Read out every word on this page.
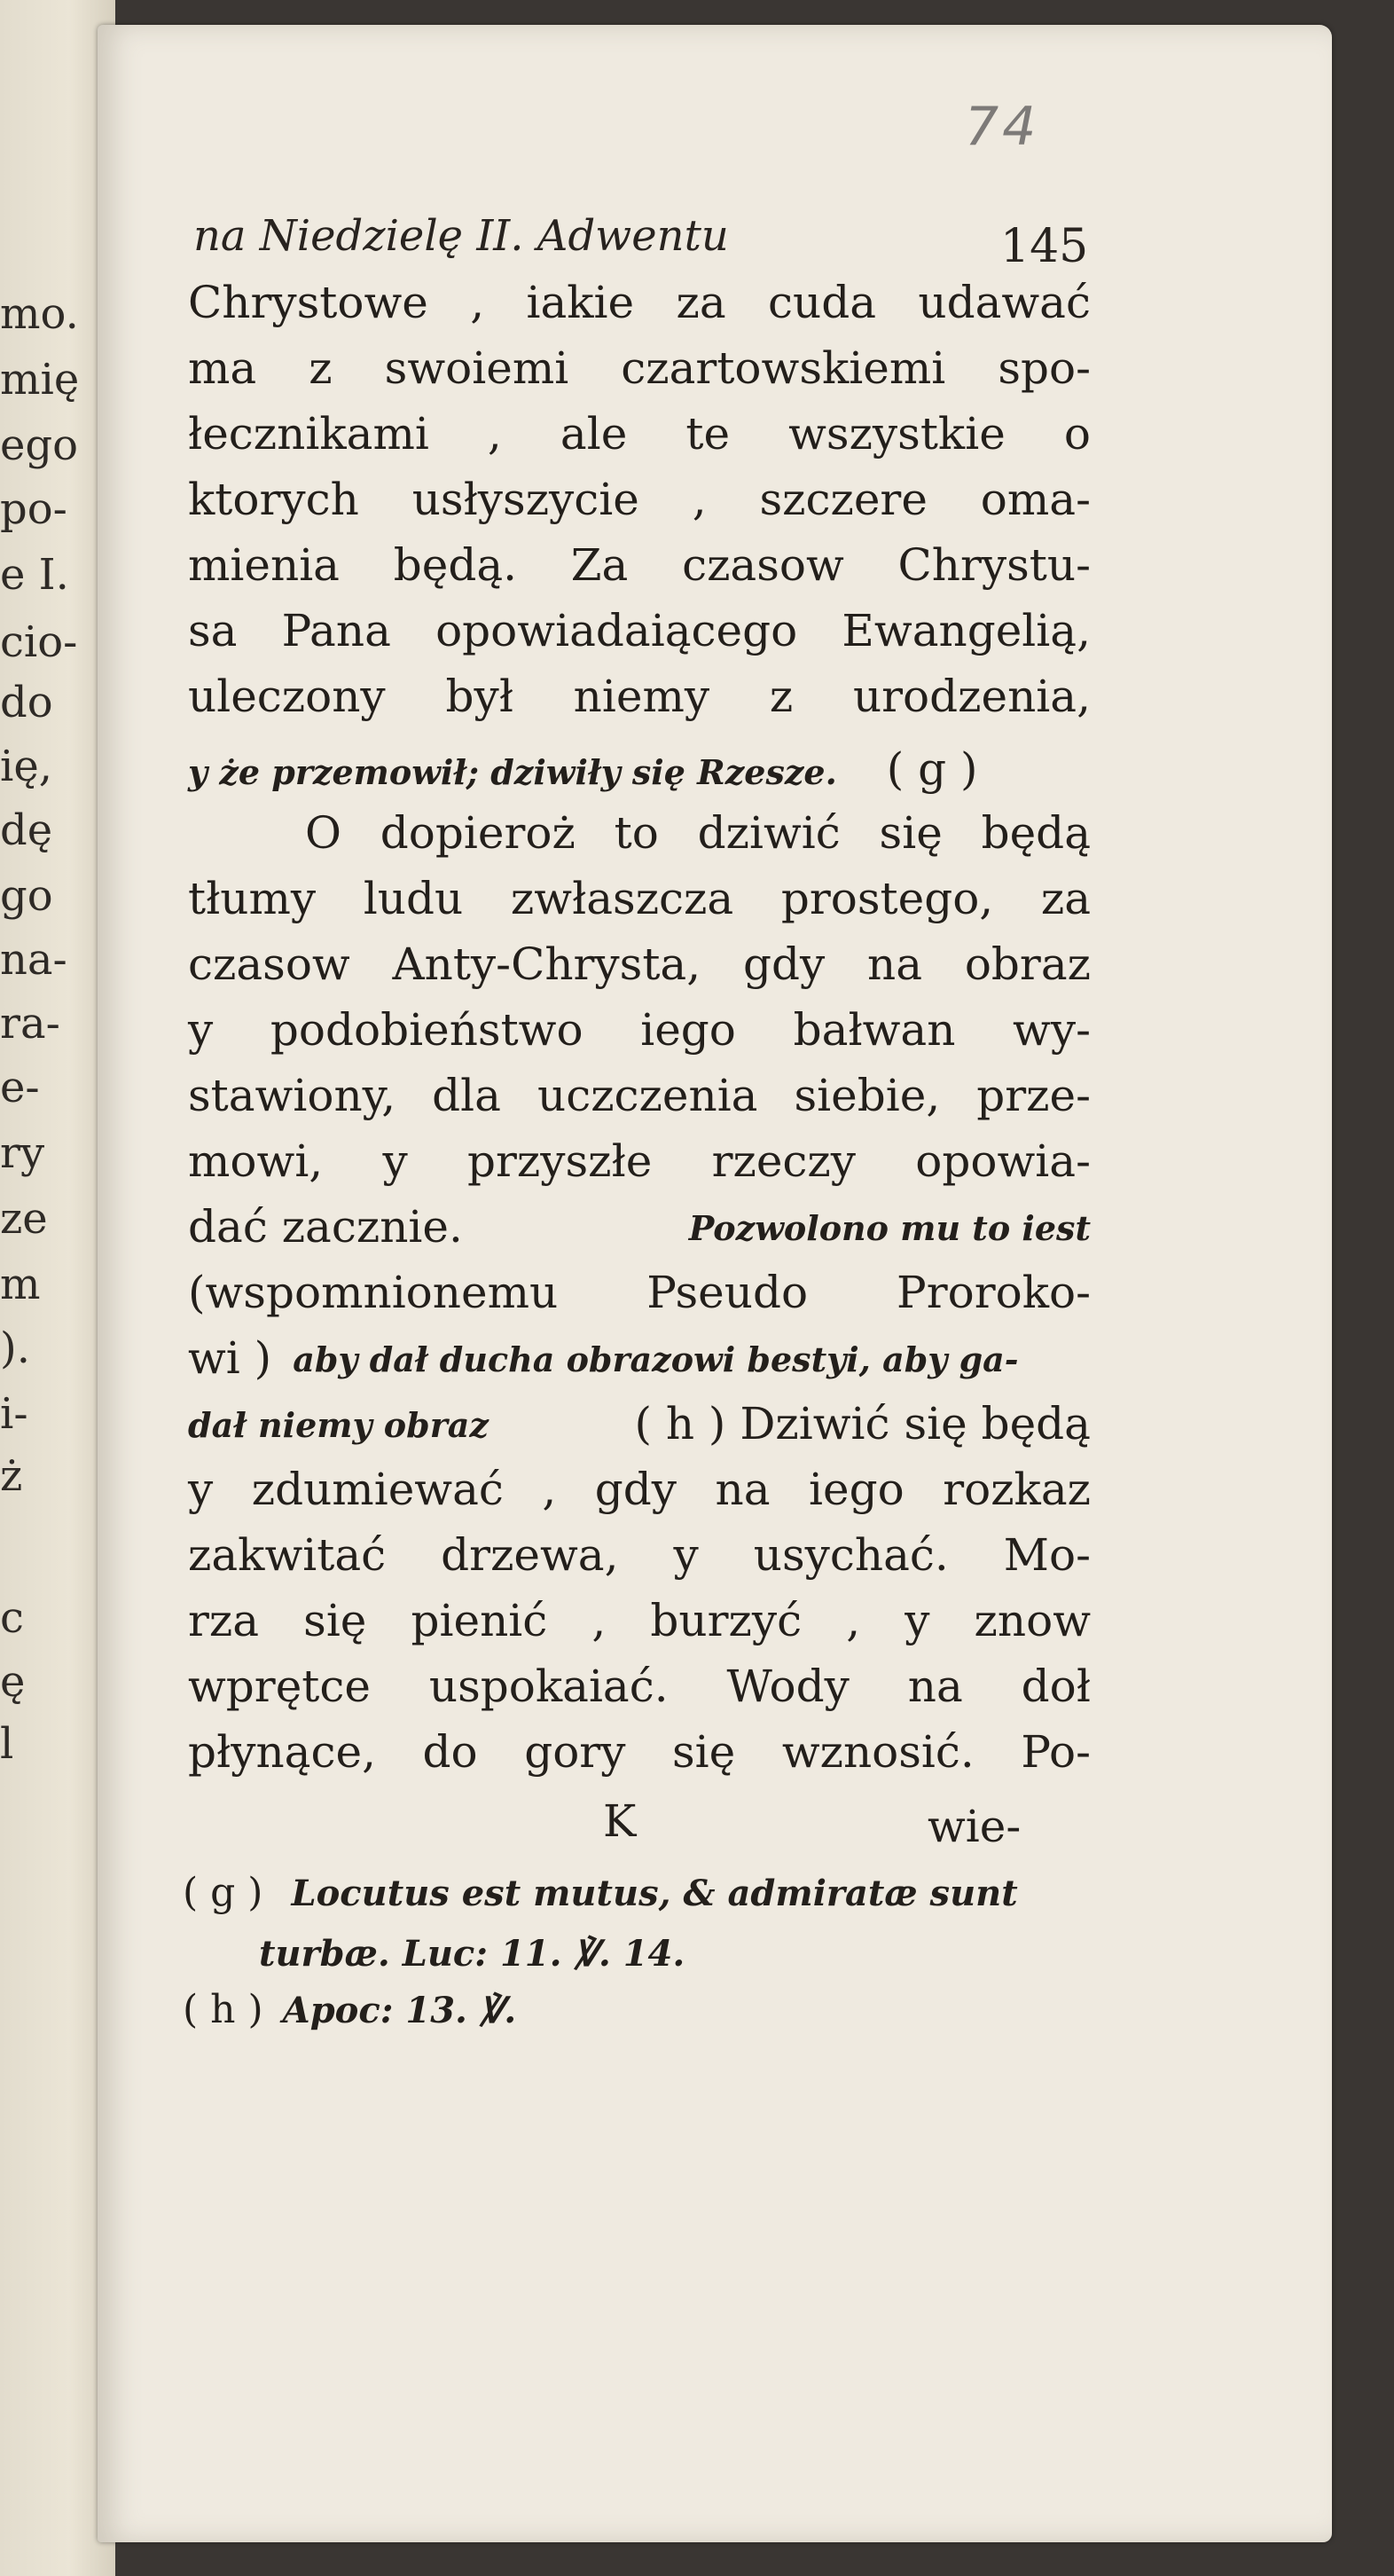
mo.
mię
ego
po-
e I.
cio-
do
ię,
dę
go
na-
ra-
e-
ry
ze
m
).
i-
ż
c
ę
l
74
na Niedzielę II. Adwentu	145
Chrystowe , iakie za cuda udawać
ma z swoiemi czartowskiemi spo-
łecznikami , ale te wszystkie o
ktorych usłyszycie , szczere oma-
mienia będą. Za czasow Chrystu-
sa Pana opowiadaiącego Ewangelią,
uleczony był niemy z urodzenia,
y że przemowił; dziwiły się Rzesze. ( g )
O dopieroż to dziwić się będą
tłumy ludu zwłaszcza prostego, za
czasow Anty-Chrysta, gdy na obraz
y podobieństwo iego bałwan wy-
stawiony, dla uczczenia siebie, prze-
mowi, y przyszłe rzeczy opowia-
dać zacznie.	Pozwolono mu to iest
(wspomnionemu Pseudo Proroko-
wi ) aby dał ducha obrazowi bestyi, aby ga-
dał niemy obraz	( h ) Dziwić się będą
y zdumiewać , gdy na iego rozkaz
zakwitać drzewa, y usychać. Mo-
rza się pienić , burzyć , y znow
wprętce uspokaiać. Wody na doł
płynące, do gory się wznosić. Po-
K	wie-
( g ) Locutus est mutus, & admiratæ sunt
turbæ. Luc: 11. ℣. 14.
( h ) Apoc: 13. ℣.
